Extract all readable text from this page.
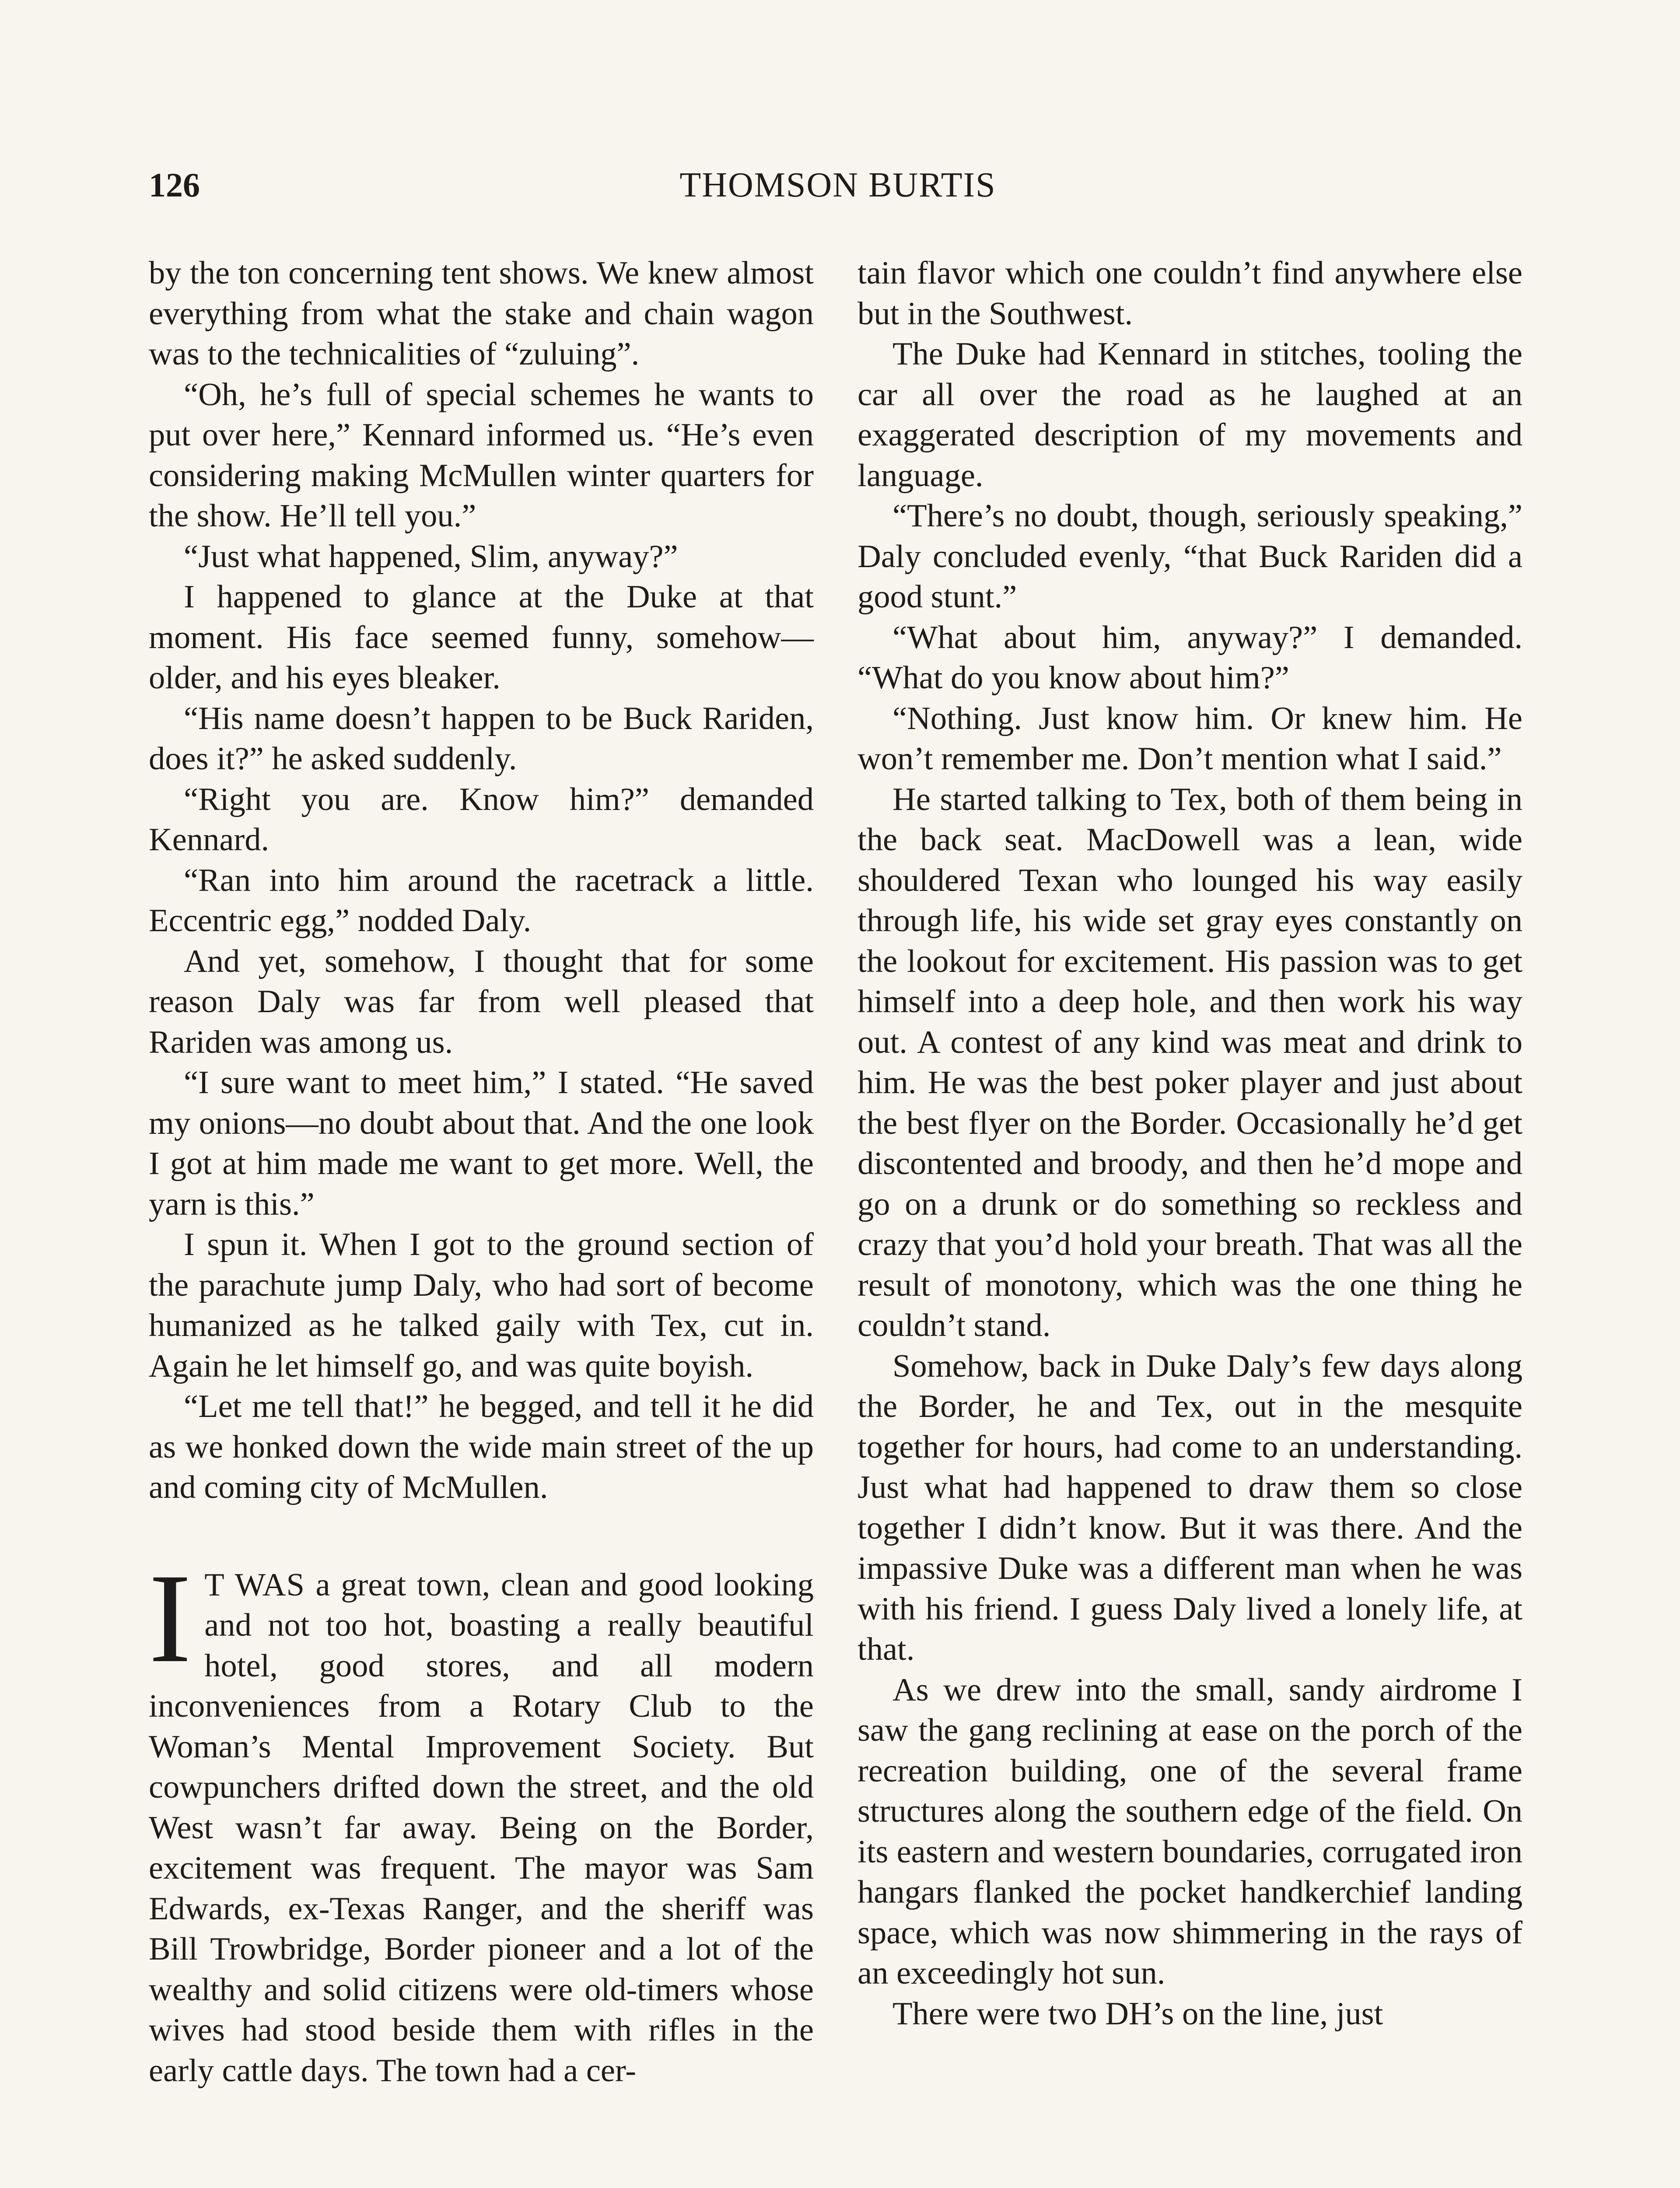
126	THOMSON BURTIS

by the ton concerning tent shows. We knew almost everything from what the stake and chain wagon was to the technicalities of “zuluing”.

“Oh, he’s full of special schemes he wants to put over here,” Kennard informed us. “He’s even considering making McMullen winter quarters for the show. He’ll tell you.”

“Just what happened, Slim, anyway?”

I happened to glance at the Duke at that moment. His face seemed funny, somehow—older, and his eyes bleaker.

“His name doesn’t happen to be Buck Rariden, does it?” he asked suddenly.

“Right you are. Know him?” demanded Kennard.

“Ran into him around the racetrack a little. Eccentric egg,” nodded Daly.

And yet, somehow, I thought that for some reason Daly was far from well pleased that Rariden was among us.

“I sure want to meet him,” I stated. “He saved my onions—no doubt about that. And the one look I got at him made me want to get more. Well, the yarn is this.”

I spun it. When I got to the ground section of the parachute jump Daly, who had sort of become humanized as he talked gaily with Tex, cut in. Again he let himself go, and was quite boyish.

“Let me tell that!” he begged, and tell it he did as we honked down the wide main street of the up and coming city of McMullen.

I T WAS a great town, clean and good looking and not too hot, boasting a really beautiful hotel, good stores, and all modern inconveniences from a Rotary Club to the Woman’s Mental Improvement Society. But cowpunchers drifted down the street, and the old West wasn’t far away. Being on the Border, excitement was frequent. The mayor was Sam Edwards, ex-Texas Ranger, and the sheriff was Bill Trowbridge, Border pioneer and a lot of the wealthy and solid citizens were old-timers whose wives had stood beside them with rifles in the early cattle days. The town had a cer-

tain flavor which one couldn’t find anywhere else but in the Southwest.

The Duke had Kennard in stitches, tooling the car all over the road as he laughed at an exaggerated description of my movements and language.

“There’s no doubt, though, seriously speaking,” Daly concluded evenly, “that Buck Rariden did a good stunt.”

“What about him, anyway?” I demanded. “What do you know about him?”

“Nothing. Just know him. Or knew him. He won’t remember me. Don’t mention what I said.”

He started talking to Tex, both of them being in the back seat. MacDowell was a lean, wide shouldered Texan who lounged his way easily through life, his wide set gray eyes constantly on the lookout for excitement. His passion was to get himself into a deep hole, and then work his way out. A contest of any kind was meat and drink to him. He was the best poker player and just about the best flyer on the Border. Occasionally he’d get discontented and broody, and then he’d mope and go on a drunk or do something so reckless and crazy that you’d hold your breath. That was all the result of monotony, which was the one thing he couldn’t stand.

Somehow, back in Duke Daly’s few days along the Border, he and Tex, out in the mesquite together for hours, had come to an understanding. Just what had happened to draw them so close together I didn’t know. But it was there. And the impassive Duke was a different man when he was with his friend. I guess Daly lived a lonely life, at that.

As we drew into the small, sandy airdrome I saw the gang reclining at ease on the porch of the recreation building, one of the several frame structures along the southern edge of the field. On its eastern and western boundaries, corrugated iron hangars flanked the pocket handkerchief landing space, which was now shimmering in the rays of an exceedingly hot sun.

There were two DH’s on the line, just
